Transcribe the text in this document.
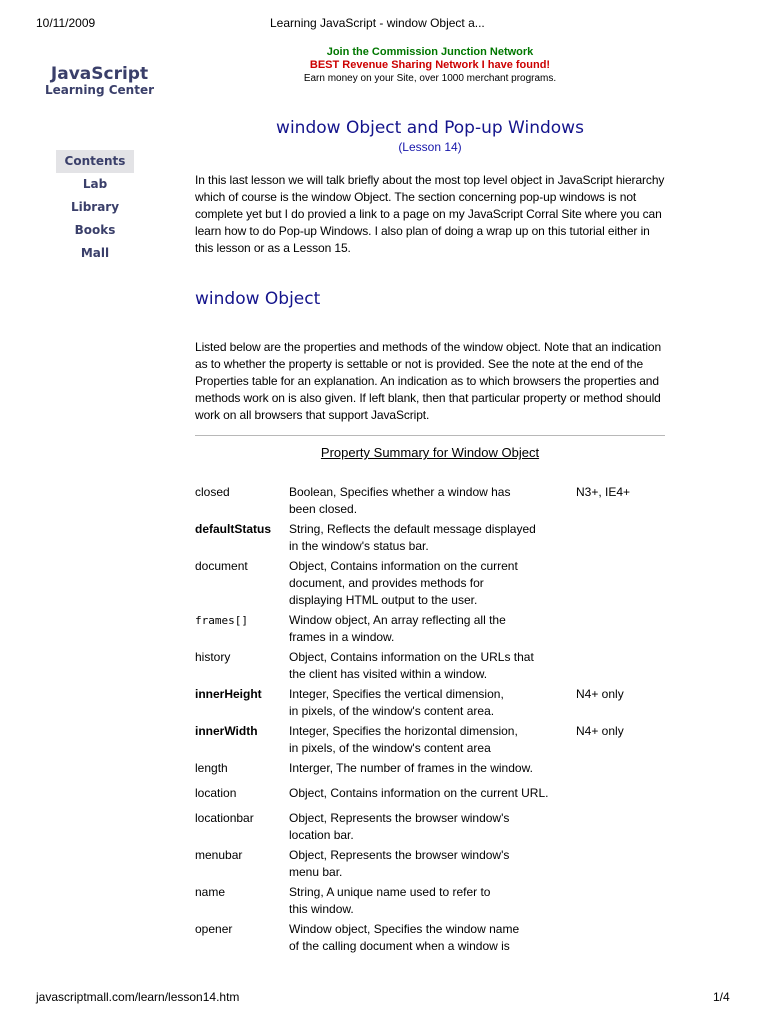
10/11/2009	Learning JavaScript - window Object a...
Join the Commission Junction Network
BEST Revenue Sharing Network I have found!
Earn money on your Site, over 1000 merchant programs.
JavaScript
Learning Center
Contents
Lab
Library
Books
Mall
window Object and Pop-up Windows
(Lesson 14)

In this last lesson we will talk briefly about the most top level object in JavaScript hierarchy which of course is the window Object. The section concerning pop-up windows is not complete yet but I do provied a link to a page on my JavaScript Corral Site where you can learn how to do Pop-up Windows. I also plan of doing a wrap up on this tutorial either in this lesson or as a Lesson 15.

window Object

Listed below are the properties and methods of the window object. Note that an indication as to whether the property is settable or not is provided. See the note at the end of the Properties table for an explanation. An indication as to which browsers the properties and methods work on is also given. If left blank, then that particular property or method should work on all browsers that support JavaScript.

Property Summary for Window Object
closed	Boolean, Specifies whether a window has
been closed.	N3+, IE4+
defaultStatus	String, Reflects the default message displayed
in the window's status bar.	
document	Object, Contains information on the current
document, and provides methods for
displaying HTML output to the user.	
frames[]	Window object, An array reflecting all the
frames in a window.	
history	Object, Contains information on the URLs that
the client has visited within a window.	
innerHeight	Integer, Specifies the vertical dimension,
in pixels, of the window's content area.	N4+ only
innerWidth	Integer, Specifies the horizontal dimension,
in pixels, of the window's content area	N4+ only
length	Interger, The number of frames in the window.	
location	Object, Contains information on the current URL.	
locationbar	Object, Represents the browser window's
location bar.	
menubar	Object, Represents the browser window's
menu bar.	
name	String, A unique name used to refer to
this window.	
opener	Window object, Specifies the window name
of the calling document when a window is	
javascriptmall.com/learn/lesson14.htm	1/4
